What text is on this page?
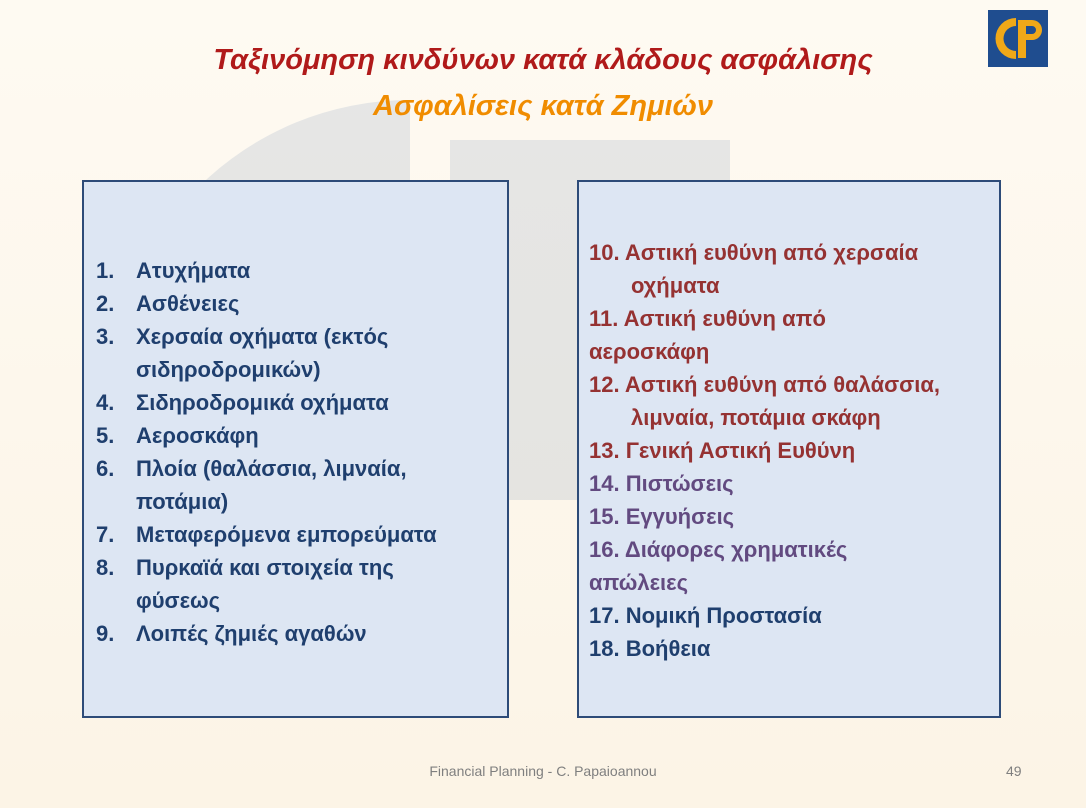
Ταξινόμηση κινδύνων κατά κλάδους ασφάλισης
Ασφαλίσεις κατά Ζημιών
1. Ατυχήματα
2. Ασθένειες
3. Χερσαία οχήματα (εκτός
σιδηροδρομικών)
4. Σιδηροδρομικά οχήματα
5. Αεροσκάφη
6. Πλοία (θαλάσσια, λιμναία,
ποτάμια)
7. Μεταφερόμενα εμπορεύματα
8. Πυρκαϊά και στοιχεία της
φύσεως
9. Λοιπές ζημιές αγαθών
10. Αστική ευθύνη από χερσαία
οχήματα
11. Αστική ευθύνη από
αεροσκάφη
12. Αστική ευθύνη από θαλάσσια,
λιμναία, ποτάμια σκάφη
13. Γενική Αστική Ευθύνη
14. Πιστώσεις
15. Εγγυήσεις
16. Διάφορες χρηματικές
απώλειες
17. Νομική Προστασία
18. Βοήθεια
Financial Planning - C. Papaioannou	49
